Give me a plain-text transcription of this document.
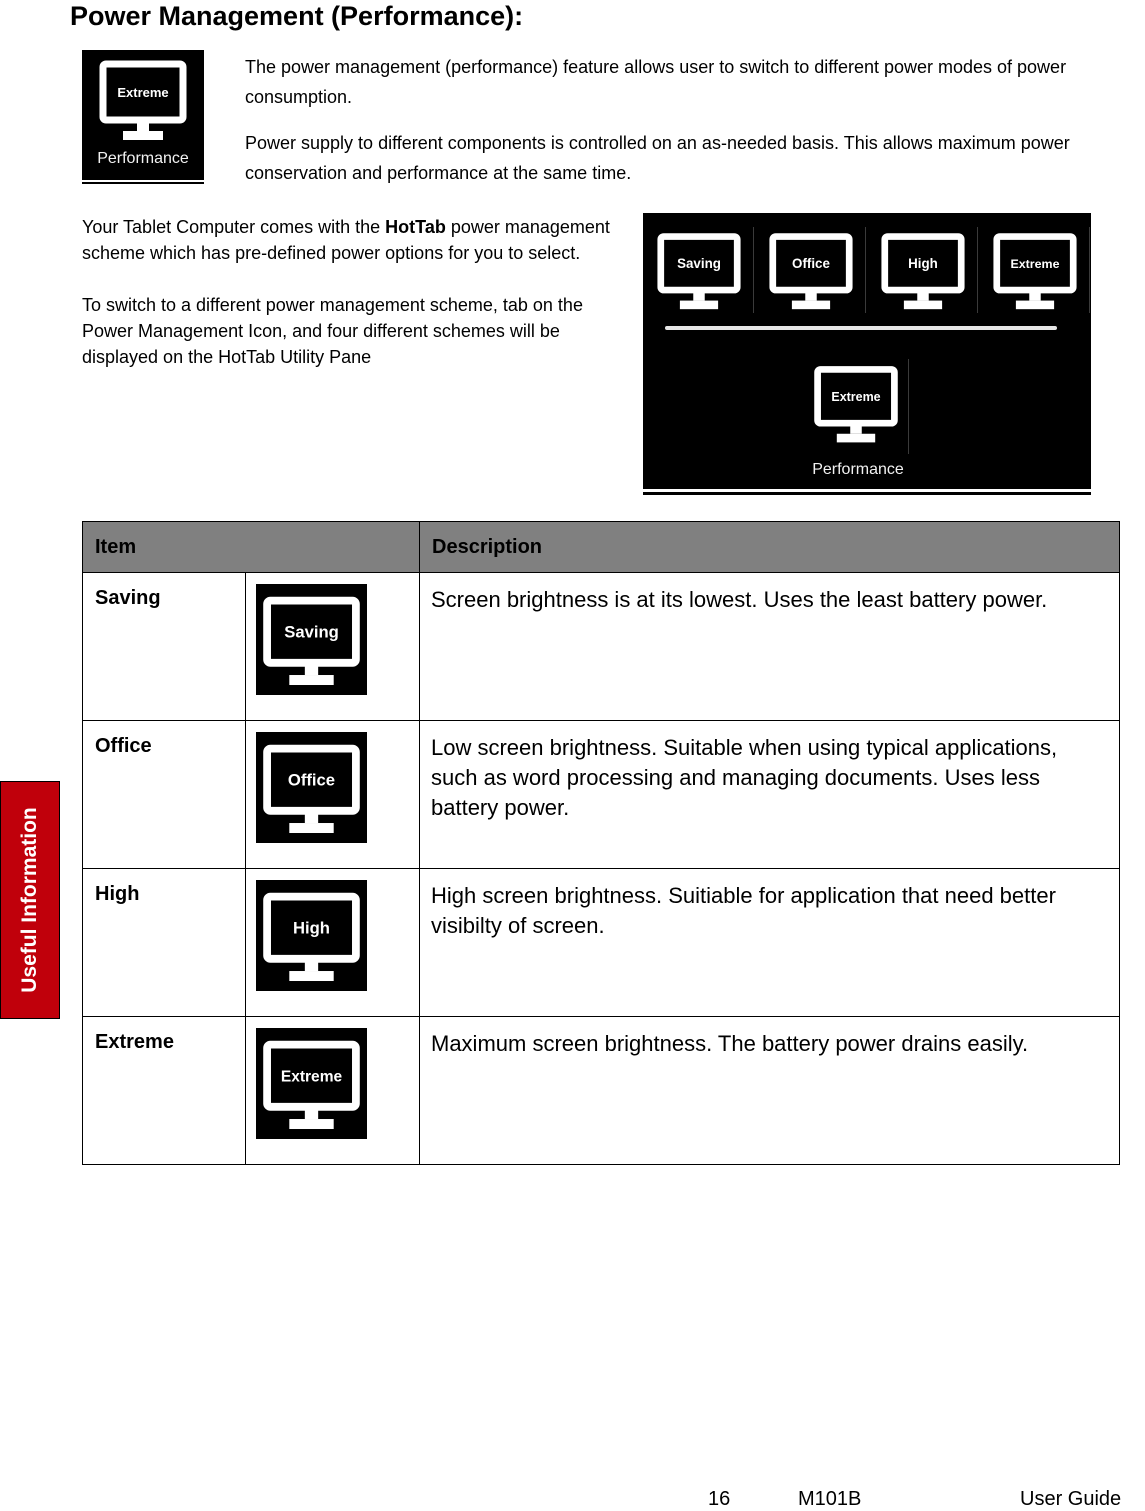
Power Management (Performance):
Extreme
Performance

The power management (performance) feature allows user to switch to different power modes of power consumption.

Power supply to different components is controlled on an as-needed basis. This allows maximum power conservation and performance at the same time.

Your Tablet Computer comes with the HotTab power management scheme which has pre-defined power options for you to select.

To switch to a different power management scheme, tab on the Power Management Icon, and four different schemes will be displayed on the HotTab Utility Pane

Saving	Office	High	Extreme
Extreme
Performance
Item		Description
Saving	Saving	Screen brightness is at its lowest. Uses the least battery power.
Office	Office	Low screen brightness. Suitable when using typical applications, such as word processing and managing documents. Uses less battery power.
High	High	High screen brightness. Suitiable for application that need better visibilty of screen.
Extreme	Extreme	Maximum screen brightness. The battery power drains easily.
Useful Information
16	M101B	User Guide
